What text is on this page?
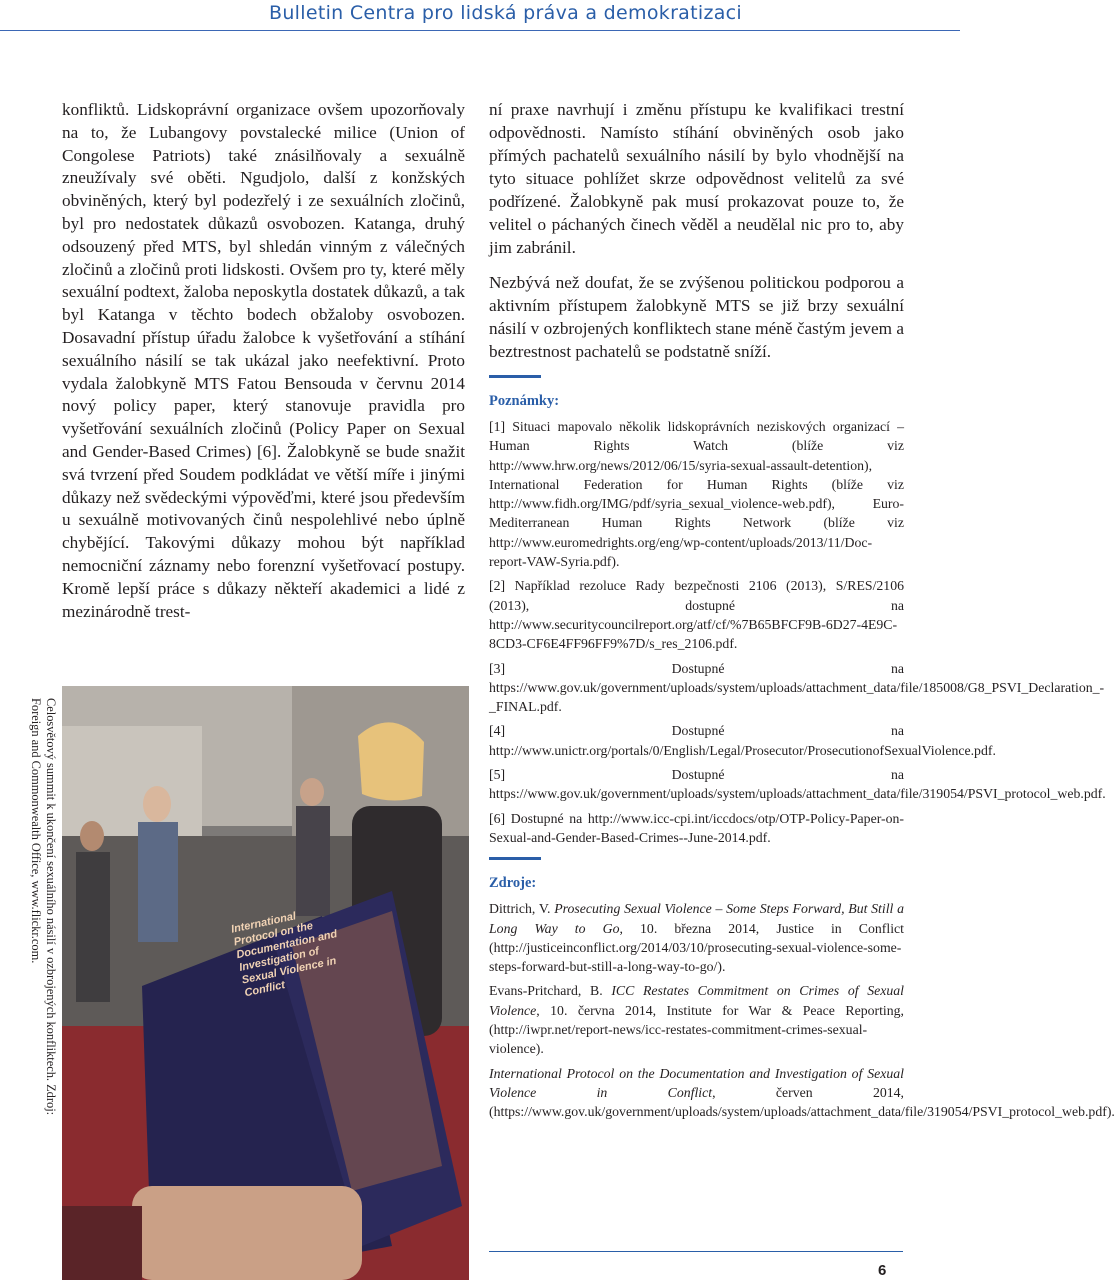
Bulletin Centra pro lidská práva a demokratizaci

konfliktů. Lidskoprávní organizace ovšem upozorňovaly na to, že Lubangovy povstalecké milice (Union of Congolese Patriots) také znásilňovaly a sexuálně zneužívaly své oběti. Ngudjolo, další z konžských obviněných, který byl podezřelý i ze sexuálních zločinů, byl pro nedostatek důkazů osvobozen. Katanga, druhý odsouzený před MTS, byl shledán vinným z válečných zločinů a zločinů proti lidskosti. Ovšem pro ty, které měly sexuální podtext, žaloba neposkytla dostatek důkazů, a tak byl Katanga v těchto bodech obžaloby osvobozen. Dosavadní přístup úřadu žalobce k vyšetřování a stíhání sexuálního násilí se tak ukázal jako neefektivní. Proto vydala žalobkyně MTS Fatou Bensouda v červnu 2014 nový policy paper, který stanovuje pravidla pro vyšetřování sexuálních zločinů (Policy Paper on Sexual and Gender-Based Crimes) [6]. Žalobkyně se bude snažit svá tvrzení před Soudem podkládat ve větší míře i jinými důkazy než svědeckými výpověďmi, které jsou především u sexuálně motivovaných činů nespolehlivé nebo úplně chybějící. Takovými důkazy mohou být například nemocniční záznamy nebo forenzní vyšetřovací postupy. Kromě lepší práce s důkazy někteří akademici a lidé z mezinárodně trest-

International Protocol on the Documentation and Investigation of Sexual Violence in Conflict
Celosvětový summit k ukončení sexuálního násilí v ozbrojených konfliktech. Zdroj: Foreign and Commonwealth Office, www.flickr.com.

ní praxe navrhují i změnu přístupu ke kvalifikaci trestní odpovědnosti. Namísto stíhání obviněných osob jako přímých pachatelů sexuálního násilí by bylo vhodnější na tyto situace pohlížet skrze odpovědnost velitelů za své podřízené. Žalobkyně pak musí prokazovat pouze to, že velitel o páchaných činech věděl a neudělal nic pro to, aby jim zabránil.

Nezbývá než doufat, že se zvýšenou politickou podporou a aktivním přístupem žalobkyně MTS se již brzy sexuální násilí v ozbrojených konfliktech stane méně častým jevem a beztrestnost pachatelů se podstatně sníží.

Poznámky:

[1] Situaci mapovalo několik lidskoprávních neziskových organizací – Human Rights Watch (blíže viz http://www.hrw.org/news/2012/06/15/syria-sexual-assault-detention), International Federation for Human Rights (blíže viz http://www.fidh.org/IMG/pdf/syria_sexual_violence-web.pdf), Euro-Mediterranean Human Rights Network (blíže viz http://www.euromedrights.org/eng/wp-content/uploads/2013/11/Doc-report-VAW-Syria.pdf).

[2] Například rezoluce Rady bezpečnosti 2106 (2013), S/RES/2106 (2013), dostupné na http://www.securitycouncilreport.org/atf/cf/%7B65BFCF9B-6D27-4E9C-8CD3-CF6E4FF96FF9%7D/s_res_2106.pdf.

[3] Dostupné na https://www.gov.uk/government/uploads/system/uploads/attachment_data/file/185008/G8_PSVI_Declaration_-_FINAL.pdf.

[4] Dostupné na http://www.unictr.org/portals/0/English/Legal/Prosecutor/ProsecutionofSexualViolence.pdf.

[5] Dostupné na https://www.gov.uk/government/uploads/system/uploads/attachment_data/file/319054/PSVI_protocol_web.pdf.

[6] Dostupné na http://www.icc-cpi.int/iccdocs/otp/OTP-Policy-Paper-on-Sexual-and-Gender-Based-Crimes--June-2014.pdf.

Zdroje:

Dittrich, V. Prosecuting Sexual Violence – Some Steps Forward, But Still a Long Way to Go, 10. března 2014, Justice in Conflict (http://justiceinconflict.org/2014/03/10/prosecuting-sexual-violence-some-steps-forward-but-still-a-long-way-to-go/).

Evans-Pritchard, B. ICC Restates Commitment on Crimes of Sexual Violence, 10. června 2014, Institute for War & Peace Reporting, (http://iwpr.net/report-news/icc-restates-commitment-crimes-sexual-violence).

International Protocol on the Documentation and Investigation of Sexual Violence in Conflict, červen 2014, (https://www.gov.uk/government/uploads/system/uploads/attachment_data/file/319054/PSVI_protocol_web.pdf).

6
